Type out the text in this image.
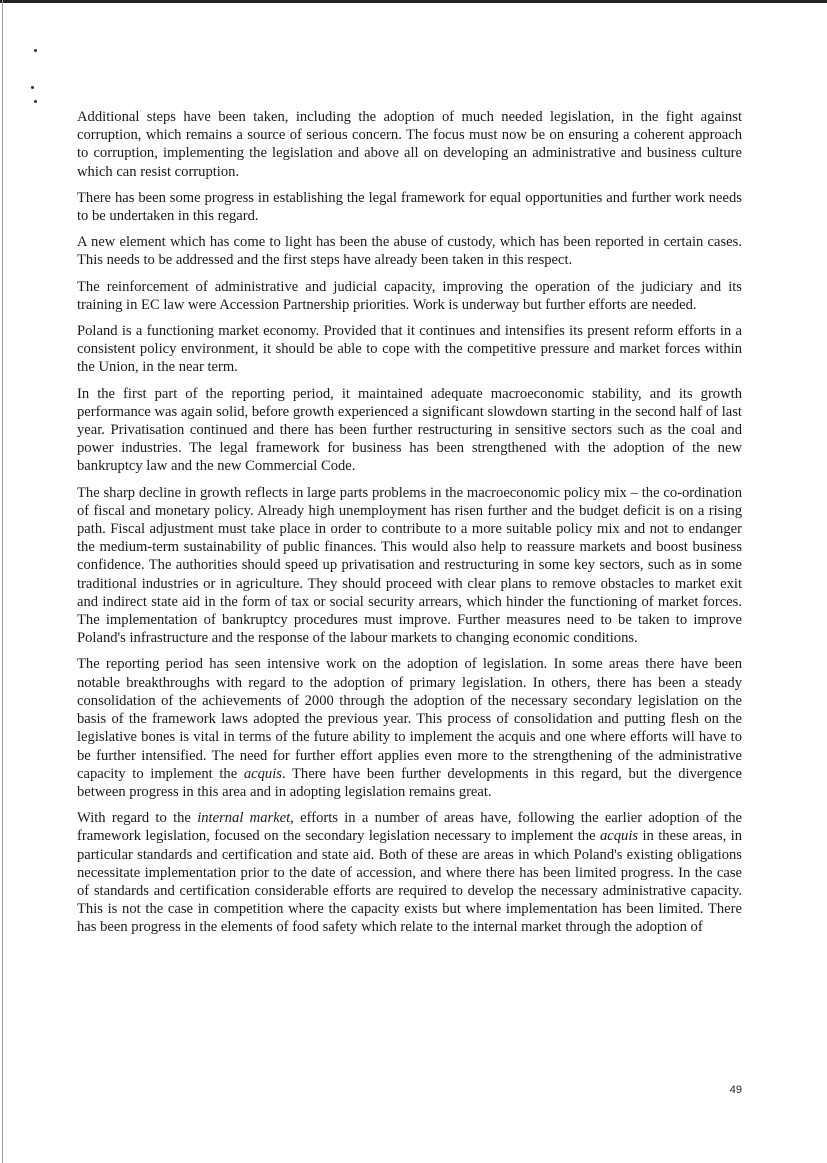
Additional steps have been taken, including the adoption of much needed legislation, in the fight against corruption, which remains a source of serious concern. The focus must now be on ensuring a coherent approach to corruption, implementing the legislation and above all on developing an administrative and business culture which can resist corruption.

There has been some progress in establishing the legal framework for equal opportunities and further work needs to be undertaken in this regard.

A new element which has come to light has been the abuse of custody, which has been reported in certain cases. This needs to be addressed and the first steps have already been taken in this respect.

The reinforcement of administrative and judicial capacity, improving the operation of the judiciary and its training in EC law were Accession Partnership priorities. Work is underway but further efforts are needed.

Poland is a functioning market economy. Provided that it continues and intensifies its present reform efforts in a consistent policy environment, it should be able to cope with the competitive pressure and market forces within the Union, in the near term.

In the first part of the reporting period, it maintained adequate macroeconomic stability, and its growth performance was again solid, before growth experienced a significant slowdown starting in the second half of last year. Privatisation continued and there has been further restructuring in sensitive sectors such as the coal and power industries. The legal framework for business has been strengthened with the adoption of the new bankruptcy law and the new Commercial Code.

The sharp decline in growth reflects in large parts problems in the macroeconomic policy mix – the co-ordination of fiscal and monetary policy. Already high unemployment has risen further and the budget deficit is on a rising path. Fiscal adjustment must take place in order to contribute to a more suitable policy mix and not to endanger the medium-term sustainability of public finances. This would also help to reassure markets and boost business confidence. The authorities should speed up privatisation and restructuring in some key sectors, such as in some traditional industries or in agriculture. They should proceed with clear plans to remove obstacles to market exit and indirect state aid in the form of tax or social security arrears, which hinder the functioning of market forces. The implementation of bankruptcy procedures must improve. Further measures need to be taken to improve Poland's infrastructure and the response of the labour markets to changing economic conditions.

The reporting period has seen intensive work on the adoption of legislation. In some areas there have been notable breakthroughs with regard to the adoption of primary legislation. In others, there has been a steady consolidation of the achievements of 2000 through the adoption of the necessary secondary legislation on the basis of the framework laws adopted the previous year. This process of consolidation and putting flesh on the legislative bones is vital in terms of the future ability to implement the acquis and one where efforts will have to be further intensified. The need for further effort applies even more to the strengthening of the administrative capacity to implement the acquis. There have been further developments in this regard, but the divergence between progress in this area and in adopting legislation remains great.

With regard to the internal market, efforts in a number of areas have, following the earlier adoption of the framework legislation, focused on the secondary legislation necessary to implement the acquis in these areas, in particular standards and certification and state aid. Both of these are areas in which Poland's existing obligations necessitate implementation prior to the date of accession, and where there has been limited progress. In the case of standards and certification considerable efforts are required to develop the necessary administrative capacity. This is not the case in competition where the capacity exists but where implementation has been limited. There has been progress in the elements of food safety which relate to the internal market through the adoption of

49
